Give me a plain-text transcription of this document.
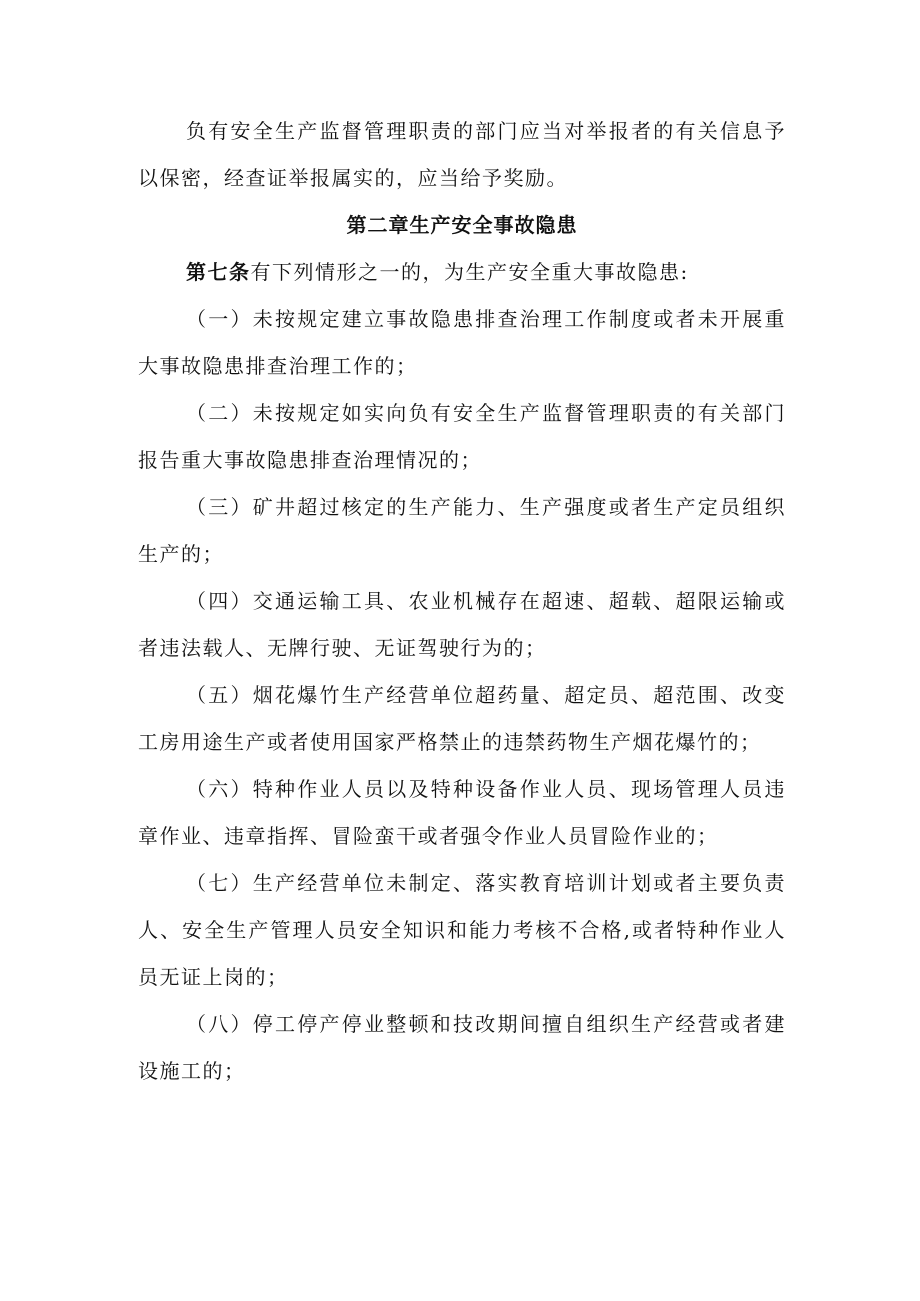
负有安全生产监督管理职责的部门应当对举报者的有关信息予以保密，经查证举报属实的，应当给予奖励。

第二章生产安全事故隐患

第七条有下列情形之一的，为生产安全重大事故隐患:

（一）未按规定建立事故隐患排查治理工作制度或者未开展重大事故隐患排查治理工作的；

（二）未按规定如实向负有安全生产监督管理职责的有关部门报告重大事故隐患排查治理情况的；

（三）矿井超过核定的生产能力、生产强度或者生产定员组织生产的；

（四）交通运输工具、农业机械存在超速、超载、超限运输或者违法载人、无牌行驶、无证驾驶行为的；

（五）烟花爆竹生产经营单位超药量、超定员、超范围、改变工房用途生产或者使用国家严格禁止的违禁药物生产烟花爆竹的；

（六）特种作业人员以及特种设备作业人员、现场管理人员违章作业、违章指挥、冒险蛮干或者强令作业人员冒险作业的；

（七）生产经营单位未制定、落实教育培训计划或者主要负责人、安全生产管理人员安全知识和能力考核不合格,或者特种作业人员无证上岗的；

（八）停工停产停业整顿和技改期间擅自组织生产经营或者建设施工的；
